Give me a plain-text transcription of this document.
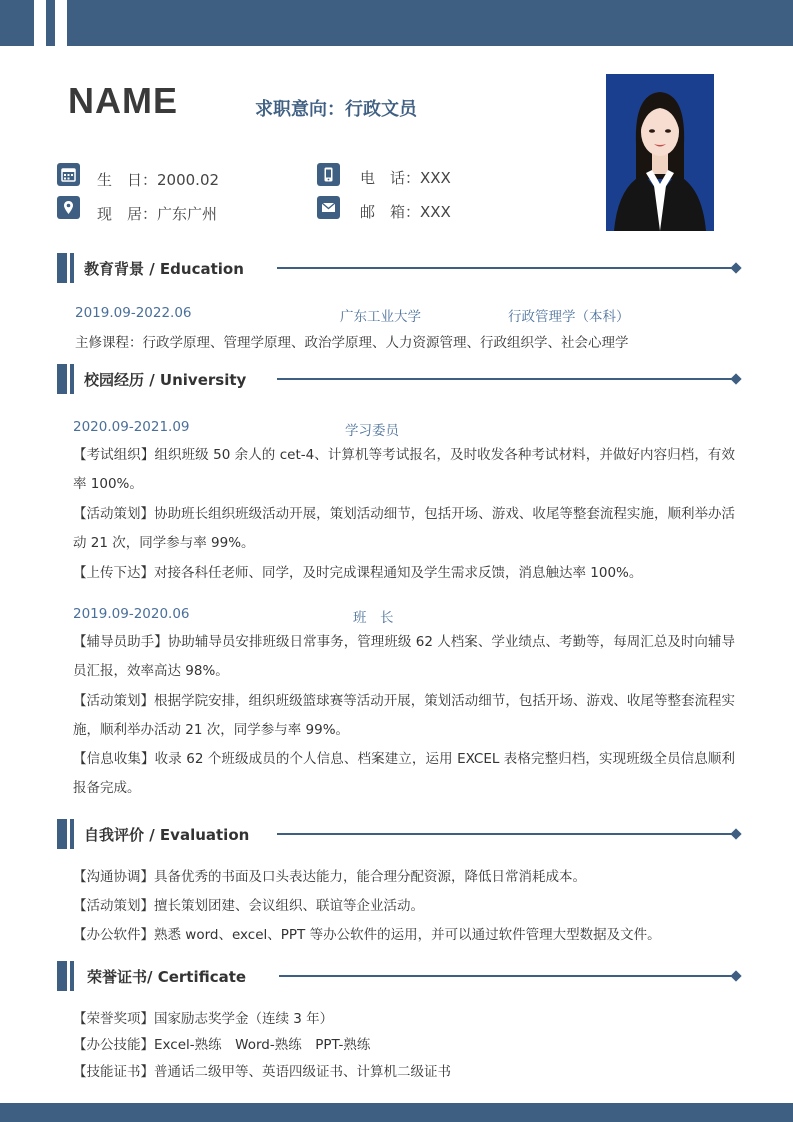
NAME	求职意向：行政文员
生　日：2000.02
现　居：广东广州
电　话：XXX
邮　箱：XXX
教育背景 / Education
2019.09-2022.06	广东工业大学	行政管理学（本科）
主修课程：行政学原理、管理学原理、政治学原理、人力资源管理、行政组织学、社会心理学
校园经历 / University
2020.09-2021.09	学习委员
【考试组织】组织班级 50 余人的 cet-4、计算机等考试报名，及时收发各种考试材料，并做好内容归档，有效率 100%。
【活动策划】协助班长组织班级活动开展，策划活动细节，包括开场、游戏、收尾等整套流程实施，顺利举办活动 21 次，同学参与率 99%。
【上传下达】对接各科任老师、同学，及时完成课程通知及学生需求反馈，消息触达率 100%。
2019.09-2020.06	班　长
【辅导员助手】协助辅导员安排班级日常事务，管理班级 62 人档案、学业绩点、考勤等，每周汇总及时向辅导员汇报，效率高达 98%。
【活动策划】根据学院安排，组织班级篮球赛等活动开展，策划活动细节，包括开场、游戏、收尾等整套流程实施，顺利举办活动 21 次，同学参与率 99%。
【信息收集】收录 62 个班级成员的个人信息、档案建立，运用 EXCEL 表格完整归档，实现班级全员信息顺利报备完成。
自我评价 / Evaluation
【沟通协调】具备优秀的书面及口头表达能力，能合理分配资源，降低日常消耗成本。
【活动策划】擅长策划团建、会议组织、联谊等企业活动。
【办公软件】熟悉 word、excel、PPT 等办公软件的运用，并可以通过软件管理大型数据及文件。
荣誉证书/ Certificate
【荣誉奖项】国家励志奖学金（连续 3 年）
【办公技能】Excel-熟练　Word-熟练　PPT-熟练
【技能证书】普通话二级甲等、英语四级证书、计算机二级证书
